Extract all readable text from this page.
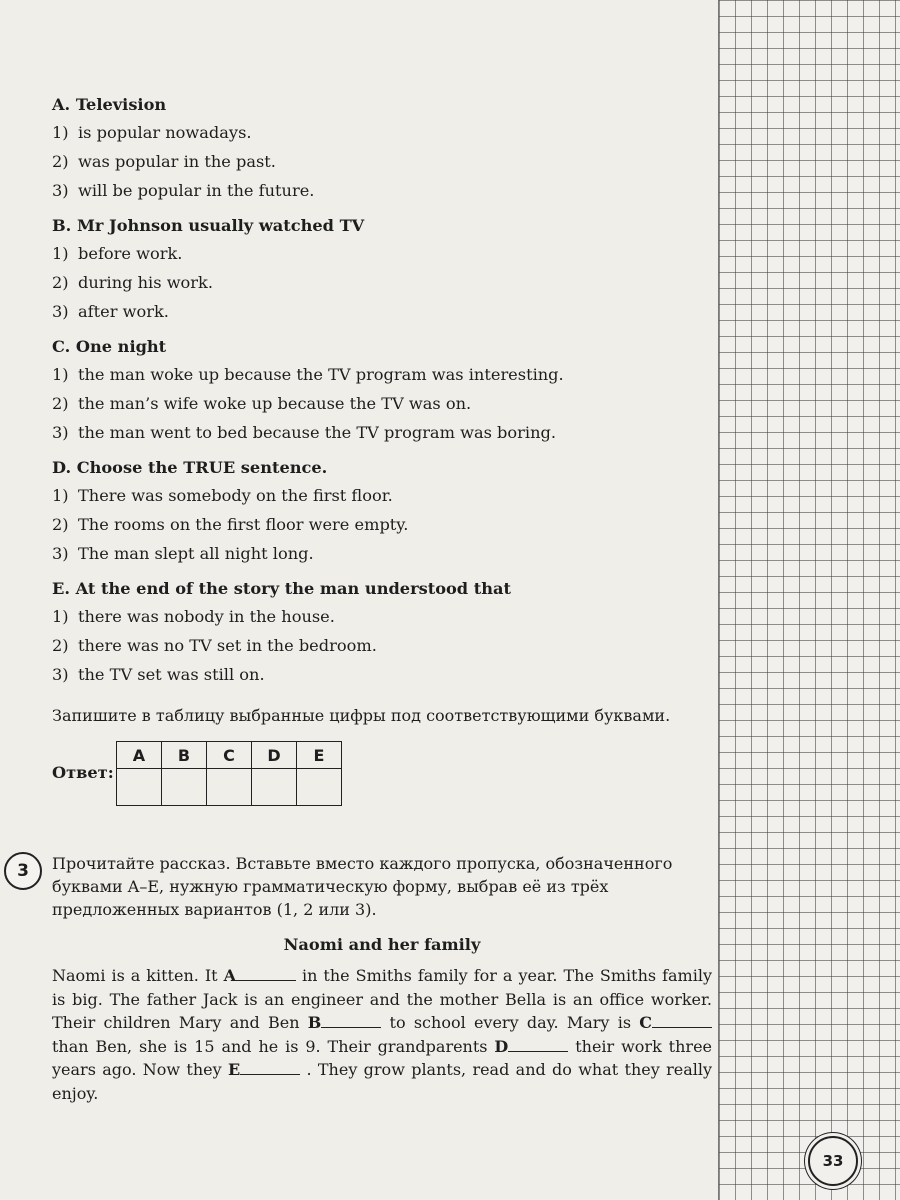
A. Television

1) is popular nowadays.

2) was popular in the past.

3) will be popular in the future.

B. Mr Johnson usually watched TV

1) before work.

2) during his work.

3) after work.

C. One night

1) the man woke up because the TV program was interesting.

2) the man’s wife woke up because the TV was on.

3) the man went to bed because the TV program was boring.

D. Choose the TRUE sentence.

1) There was somebody on the first floor.

2) The rooms on the first floor were empty.

3) The man slept all night long.

E. At the end of the story the man understood that

1) there was nobody in the house.

2) there was no TV set in the bedroom.

3) the TV set was still on.

Запишите в таблицу выбранные цифры под соответствующими буквами.

Ответ:
A	B	C	D	E

3	Прочитайте рассказ. Вставьте вместо каждого пропуска, обозначенного буквами A–E, нужную грамматическую форму, выбрав её из трёх предложенных вариантов (1, 2 или 3).

Naomi and her family

Naomi is a kitten. It A	in the Smiths family for a year. The Smiths family is big. The father Jack is an engineer and the mother Bella is an office worker. Their children Mary and Ben B	to school every day. Mary is C than Ben, she is 15 and he is 9. Their grandparents D	their work three years ago. Now they E	. They grow plants, read and do what they really enjoy.

33
